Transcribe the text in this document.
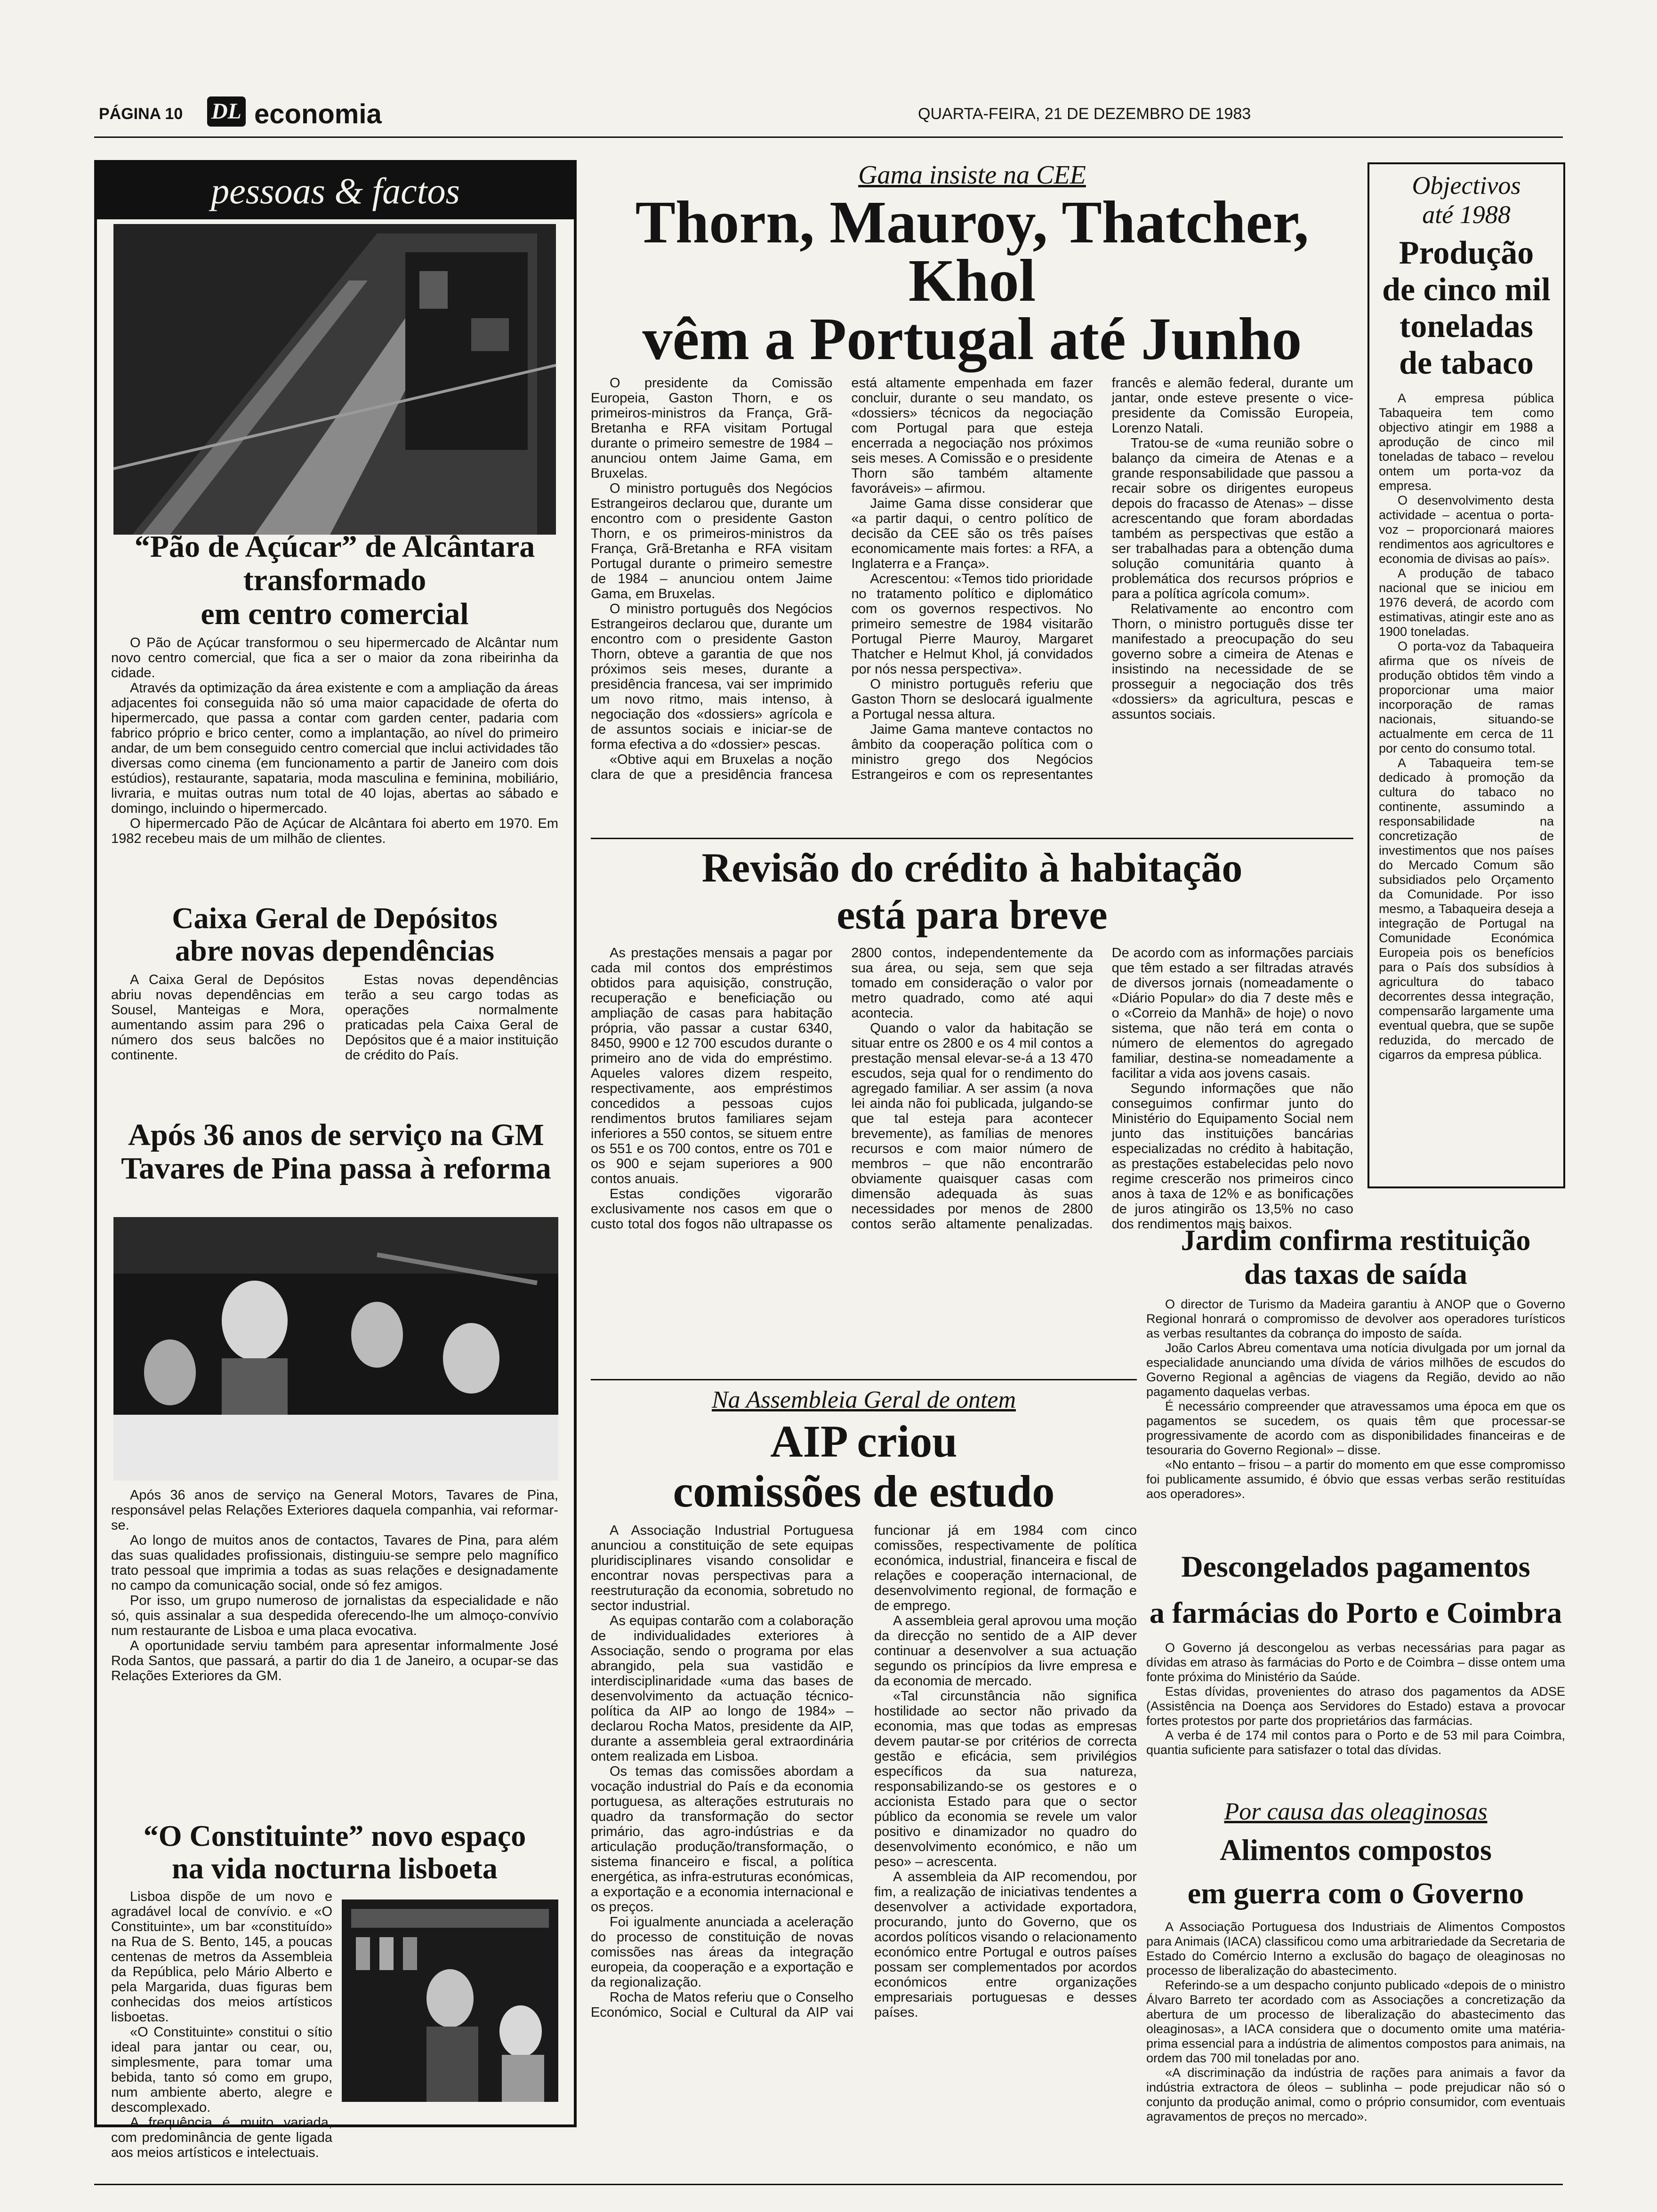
PÁGINA 10 DL economia	QUARTA-FEIRA, 21 DE DEZEMBRO DE 1983
pessoas & factos
“Pão de Açúcar” de Alcântara
transformado
em centro comercial

O Pão de Açúcar transformou o seu hipermercado de Alcântar num novo centro comercial, que fica a ser o maior da zona ribeirinha da cidade.

Através da optimização da área existente e com a ampliação da áreas adjacentes foi conseguida não só uma maior capacidade de oferta do hipermercado, que passa a contar com garden center, padaria com fabrico próprio e brico center, como a implantação, ao nível do primeiro andar, de um bem conseguido centro comercial que inclui actividades tão diversas como cinema (em funcionamento a partir de Janeiro com dois estúdios), restaurante, sapataria, moda masculina e feminina, mobiliário, livraria, e muitas outras num total de 40 lojas, abertas ao sábado e domingo, incluindo o hipermercado.

O hipermercado Pão de Açúcar de Alcântara foi aberto em 1970. Em 1982 recebeu mais de um milhão de clientes.

Caixa Geral de Depósitos
abre novas dependências

A Caixa Geral de Depósitos abriu novas dependências em Sousel, Manteigas e Mora, aumentando assim para 296 o número dos seus balcões no continente.

Estas novas dependências terão a seu cargo todas as operações normalmente praticadas pela Caixa Geral de Depósitos que é a maior instituição de crédito do País.

Após 36 anos de serviço na GM
Tavares de Pina passa à reforma

Após 36 anos de serviço na General Motors, Tavares de Pina, responsável pelas Relações Exteriores daquela companhia, vai reformar-se.

Ao longo de muitos anos de contactos, Tavares de Pina, para além das suas qualidades profissionais, distinguiu-se sempre pelo magnífico trato pessoal que imprimia a todas as suas relações e designadamente no campo da comunicação social, onde só fez amigos.

Por isso, um grupo numeroso de jornalistas da especialidade e não só, quis assinalar a sua despedida oferecendo-lhe um almoço-convívio num restaurante de Lisboa e uma placa evocativa.

A oportunidade serviu também para apresentar informalmente José Roda Santos, que passará, a partir do dia 1 de Janeiro, a ocupar-se das Relações Exteriores da GM.

“O Constituinte” novo espaço
na vida nocturna lisboeta

Lisboa dispõe de um novo e agradável local de convívio. e «O Constituinte», um bar «constituído» na Rua de S. Bento, 145, a poucas centenas de metros da Assembleia da República, pelo Mário Alberto e pela Margarida, duas figuras bem conhecidas dos meios artísticos lisboetas.

«O Constituinte» constitui o sítio ideal para jantar ou cear, ou, simplesmente, para tomar uma bebida, tanto só como em grupo, num ambiente aberto, alegre e descomplexado.

A frequência é muito variada, com predominância de gente ligada aos meios artísticos e intelectuais.

Gama insiste na CEE
Thorn, Mauroy, Thatcher, Khol
vêm a Portugal até Junho

O presidente da Comissão Europeia, Gaston Thorn, e os primeiros-ministros da França, Grã-Bretanha e RFA visitam Portugal durante o primeiro semestre de 1984 – anunciou ontem Jaime Gama, em Bruxelas.

O ministro português dos Negócios Estrangeiros declarou que, durante um encontro com o presidente Gaston Thorn, e os primeiros-ministros da França, Grã-Bretanha e RFA visitam Portugal durante o primeiro semestre de 1984 – anunciou ontem Jaime Gama, em Bruxelas.

O ministro português dos Negócios Estrangeiros declarou que, durante um encontro com o presidente Gaston Thorn, obteve a garantia de que nos próximos seis meses, durante a presidência francesa, vai ser imprimido um novo ritmo, mais intenso, à negociação dos «dossiers» agrícola e de assuntos sociais e iniciar-se de forma efectiva a do «dossier» pescas.

«Obtive aqui em Bruxelas a noção clara de que a presidência francesa está altamente empenhada em fazer concluir, durante o seu mandato, os «dossiers» técnicos da negociação com Portugal para que esteja encerrada a negociação nos próximos seis meses. A Comissão e o presidente Thorn são também altamente favoráveis» – afirmou.

Jaime Gama disse considerar que «a partir daqui, o centro político de decisão da CEE são os três países economicamente mais fortes: a RFA, a Inglaterra e a França».

Acrescentou: «Temos tido prioridade no tratamento político e diplomático com os governos respectivos. No primeiro semestre de 1984 visitarão Portugal Pierre Mauroy, Margaret Thatcher e Helmut Khol, já convidados por nós nessa perspectiva».

O ministro português referiu que Gaston Thorn se deslocará igualmente a Portugal nessa altura.

Jaime Gama manteve contactos no âmbito da cooperação política com o ministro grego dos Negócios Estrangeiros e com os representantes francês e alemão federal, durante um jantar, onde esteve presente o vice-presidente da Comissão Europeia, Lorenzo Natali.

Tratou-se de «uma reunião sobre o balanço da cimeira de Atenas e a grande responsabilidade que passou a recair sobre os dirigentes europeus depois do fracasso de Atenas» – disse acrescentando que foram abordadas também as perspectivas que estão a ser trabalhadas para a obtenção duma solução comunitária quanto à problemática dos recursos próprios e para a política agrícola comum».

Relativamente ao encontro com Thorn, o ministro português disse ter manifestado a preocupação do seu governo sobre a cimeira de Atenas e insistindo na necessidade de se prosseguir a negociação dos três «dossiers» da agricultura, pescas e assuntos sociais.

Revisão do crédito à habitação
está para breve

As prestações mensais a pagar por cada mil contos dos empréstimos obtidos para aquisição, construção, recuperação e beneficiação ou ampliação de casas para habitação própria, vão passar a custar 6340, 8450, 9900 e 12 700 escudos durante o primeiro ano de vida do empréstimo. Aqueles valores dizem respeito, respectivamente, aos empréstimos concedidos a pessoas cujos rendimentos brutos familiares sejam inferiores a 550 contos, se situem entre os 551 e os 700 contos, entre os 701 e os 900 e sejam superiores a 900 contos anuais.

Estas condições vigorarão exclusivamente nos casos em que o custo total dos fogos não ultrapasse os 2800 contos, independentemente da sua área, ou seja, sem que seja tomado em consideração o valor por metro quadrado, como até aqui acontecia.

Quando o valor da habitação se situar entre os 2800 e os 4 mil contos a prestação mensal elevar-se-á a 13 470 escudos, seja qual for o rendimento do agregado familiar. A ser assim (a nova lei ainda não foi publicada, julgando-se que tal esteja para acontecer brevemente), as famílias de menores recursos e com maior número de membros – que não encontrarão obviamente quaisquer casas com dimensão adequada às suas necessidades por menos de 2800 contos serão altamente penalizadas. De acordo com as informações parciais que têm estado a ser filtradas através de diversos jornais (nomeadamente o «Diário Popular» do dia 7 deste mês e o «Correio da Manhã» de hoje) o novo sistema, que não terá em conta o número de elementos do agregado familiar, destina-se nomeadamente a facilitar a vida aos jovens casais.

Segundo informações que não conseguimos confirmar junto do Ministério do Equipamento Social nem junto das instituições bancárias especializadas no crédito à habitação, as prestações estabelecidas pelo novo regime crescerão nos primeiros cinco anos à taxa de 12% e as bonificações de juros atingirão os 13,5% no caso dos rendimentos mais baixos.

Na Assembleia Geral de ontem
AIP criou
comissões de estudo

A Associação Industrial Portuguesa anunciou a constituição de sete equipas pluridisciplinares visando consolidar e encontrar novas perspectivas para a reestruturação da economia, sobretudo no sector industrial.

As equipas contarão com a colaboração de individualidades exteriores à Associação, sendo o programa por elas abrangido, pela sua vastidão e interdisciplinaridade «uma das bases de desenvolvimento da actuação técnico-política da AIP ao longo de 1984» – declarou Rocha Matos, presidente da AIP, durante a assembleia geral extraordinária ontem realizada em Lisboa.

Os temas das comissões abordam a vocação industrial do País e da economia portuguesa, as alterações estruturais no quadro da transformação do sector primário, das agro-indústrias e da articulação produção/transformação, o sistema financeiro e fiscal, a política energética, as infra-estruturas económicas, a exportação e a economia internacional e os preços.

Foi igualmente anunciada a aceleração do processo de constituição de novas comissões nas áreas da integração europeia, da cooperação e a exportação e da regionalização.

Rocha de Matos referiu que o Conselho Económico, Social e Cultural da AIP vai funcionar já em 1984 com cinco comissões, respectivamente de política económica, industrial, financeira e fiscal de relações e cooperação internacional, de desenvolvimento regional, de formação e de emprego.

A assembleia geral aprovou uma moção da direcção no sentido de a AIP dever continuar a desenvolver a sua actuação segundo os princípios da livre empresa e da economia de mercado.

«Tal circunstância não significa hostilidade ao sector não privado da economia, mas que todas as empresas devem pautar-se por critérios de correcta gestão e eficácia, sem privilégios específicos da sua natureza, responsabilizando-se os gestores e o accionista Estado para que o sector público da economia se revele um valor positivo e dinamizador no quadro do desenvolvimento económico, e não um peso» – acrescenta.

A assembleia da AIP recomendou, por fim, a realização de iniciativas tendentes a desenvolver a actividade exportadora, procurando, junto do Governo, que os acordos políticos visando o relacionamento económico entre Portugal e outros países possam ser complementados por acordos económicos entre organizações empresariais portuguesas e desses países.

Objectivos
até 1988
Produção
de cinco mil
toneladas
de tabaco

A empresa pública Tabaqueira tem como objectivo atingir em 1988 a aprodução de cinco mil toneladas de tabaco – revelou ontem um porta-voz da empresa.

O desenvolvimento desta actividade – acentua o porta-voz – proporcionará maiores rendimentos aos agricultores e economia de divisas ao país».

A produção de tabaco nacional que se iniciou em 1976 deverá, de acordo com estimativas, atingir este ano as 1900 toneladas.

O porta-voz da Tabaqueira afirma que os níveis de produção obtidos têm vindo a proporcionar uma maior incorporação de ramas nacionais, situando-se actualmente em cerca de 11 por cento do consumo total.

A Tabaqueira tem-se dedicado à promoção da cultura do tabaco no continente, assumindo a responsabilidade na concretização de investimentos que nos países do Mercado Comum são subsidiados pelo Orçamento da Comunidade. Por isso mesmo, a Tabaqueira deseja a integração de Portugal na Comunidade Económica Europeia pois os benefícios para o País dos subsídios à agricultura do tabaco decorrentes dessa integração, compensarão largamente uma eventual quebra, que se supõe reduzida, do mercado de cigarros da empresa pública.

Jardim confirma restituição
das taxas de saída

O director de Turismo da Madeira garantiu à ANOP que o Governo Regional honrará o compromisso de devolver aos operadores turísticos as verbas resultantes da cobrança do imposto de saída.

João Carlos Abreu comentava uma notícia divulgada por um jornal da especialidade anunciando uma dívida de vários milhões de escudos do Governo Regional a agências de viagens da Região, devido ao não pagamento daquelas verbas.

É necessário compreender que atravessamos uma época em que os pagamentos se sucedem, os quais têm que processar-se progressivamente de acordo com as disponibilidades financeiras e de tesouraria do Governo Regional» – disse.

«No entanto – frisou – a partir do momento em que esse compromisso foi publicamente assumido, é óbvio que essas verbas serão restituídas aos operadores».

Descongelados pagamentos
a farmácias do Porto e Coimbra

O Governo já descongelou as verbas necessárias para pagar as dívidas em atraso às farmácias do Porto e de Coimbra – disse ontem uma fonte próxima do Ministério da Saúde.

Estas dívidas, provenientes do atraso dos pagamentos da ADSE (Assistência na Doença aos Servidores do Estado) estava a provocar fortes protestos por parte dos proprietários das farmácias.

A verba é de 174 mil contos para o Porto e de 53 mil para Coimbra, quantia suficiente para satisfazer o total das dívidas.

Por causa das oleaginosas
Alimentos compostos
em guerra com o Governo

A Associação Portuguesa dos Industriais de Alimentos Compostos para Animais (IACA) classificou como uma arbitrariedade da Secretaria de Estado do Comércio Interno a exclusão do bagaço de oleaginosas no processo de liberalização do abastecimento.

Referindo-se a um despacho conjunto publicado «depois de o ministro Álvaro Barreto ter acordado com as Associações a concretização da abertura de um processo de liberalização do abastecimento das oleaginosas», a IACA considera que o documento omite uma matéria-prima essencial para a indústria de alimentos compostos para animais, na ordem das 700 mil toneladas por ano.

«A discriminação da indústria de rações para animais a favor da indústria extractora de óleos – sublinha – pode prejudicar não só o conjunto da produção animal, como o próprio consumidor, com eventuais agravamentos de preços no mercado».
